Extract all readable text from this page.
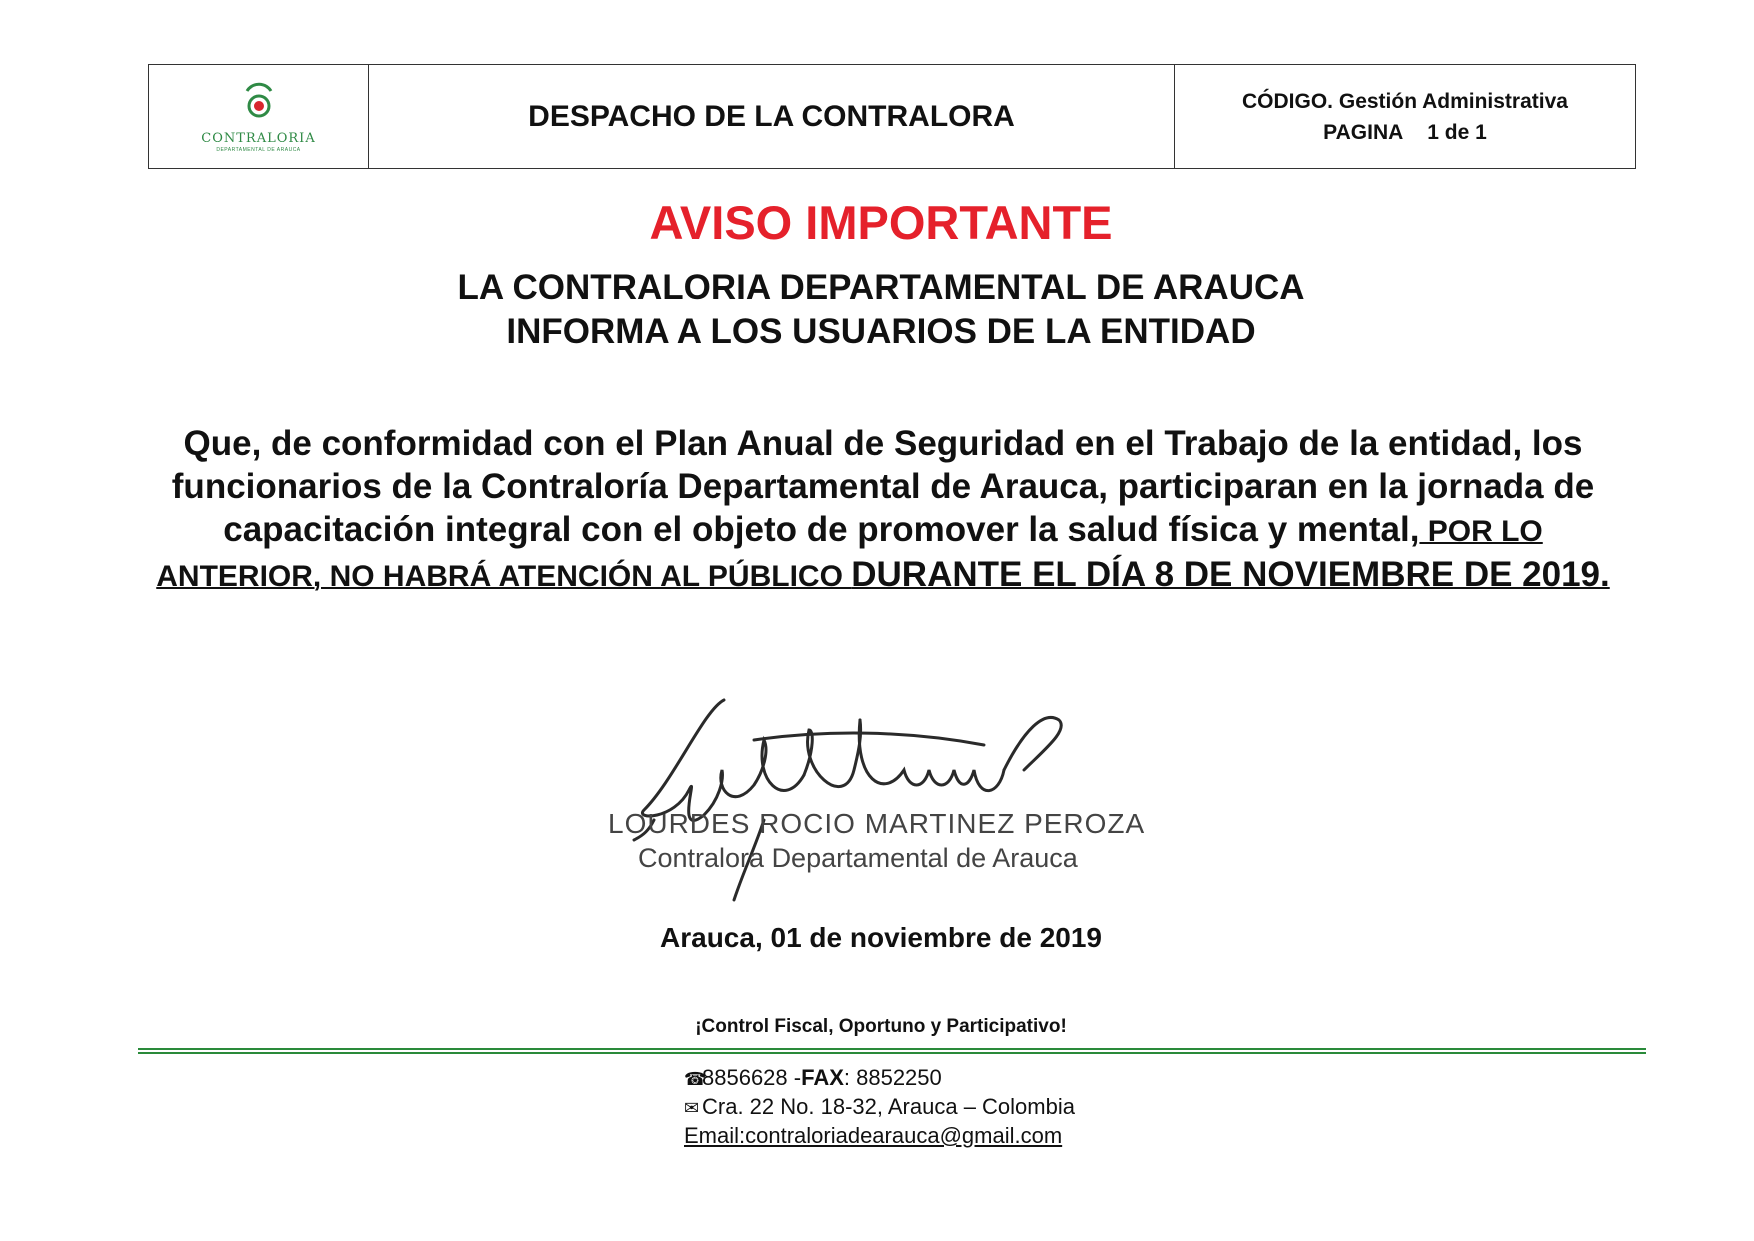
CONTRALORIA
DEPARTAMENTAL DE ARAUCA
DESPACHO DE LA CONTRALORA	CÓDIGO. Gestión Administrativa
PAGINA 1 de 1
AVISO IMPORTANTE
LA CONTRALORIA DEPARTAMENTAL DE ARAUCA
INFORMA A LOS USUARIOS DE LA ENTIDAD
Que, de conformidad con el Plan Anual de Seguridad en el Trabajo de la entidad, los funcionarios de la Contraloría Departamental de Arauca, participaran en la jornada de capacitación integral con el objeto de promover la salud física y mental, POR LO ANTERIOR, NO HABRÁ ATENCIÓN AL PÚBLICO DURANTE EL DÍA 8 DE NOVIEMBRE DE 2019.
LOURDES ROCIO MARTINEZ PEROZA
Contralora Departamental de Arauca
Arauca, 01 de noviembre de 2019
¡Control Fiscal, Oportuno y Participativo!
☎8856628 -FAX: 8852250
✉ Cra. 22 No. 18-32, Arauca – Colombia
Email:contraloriadearauca@gmail.com
